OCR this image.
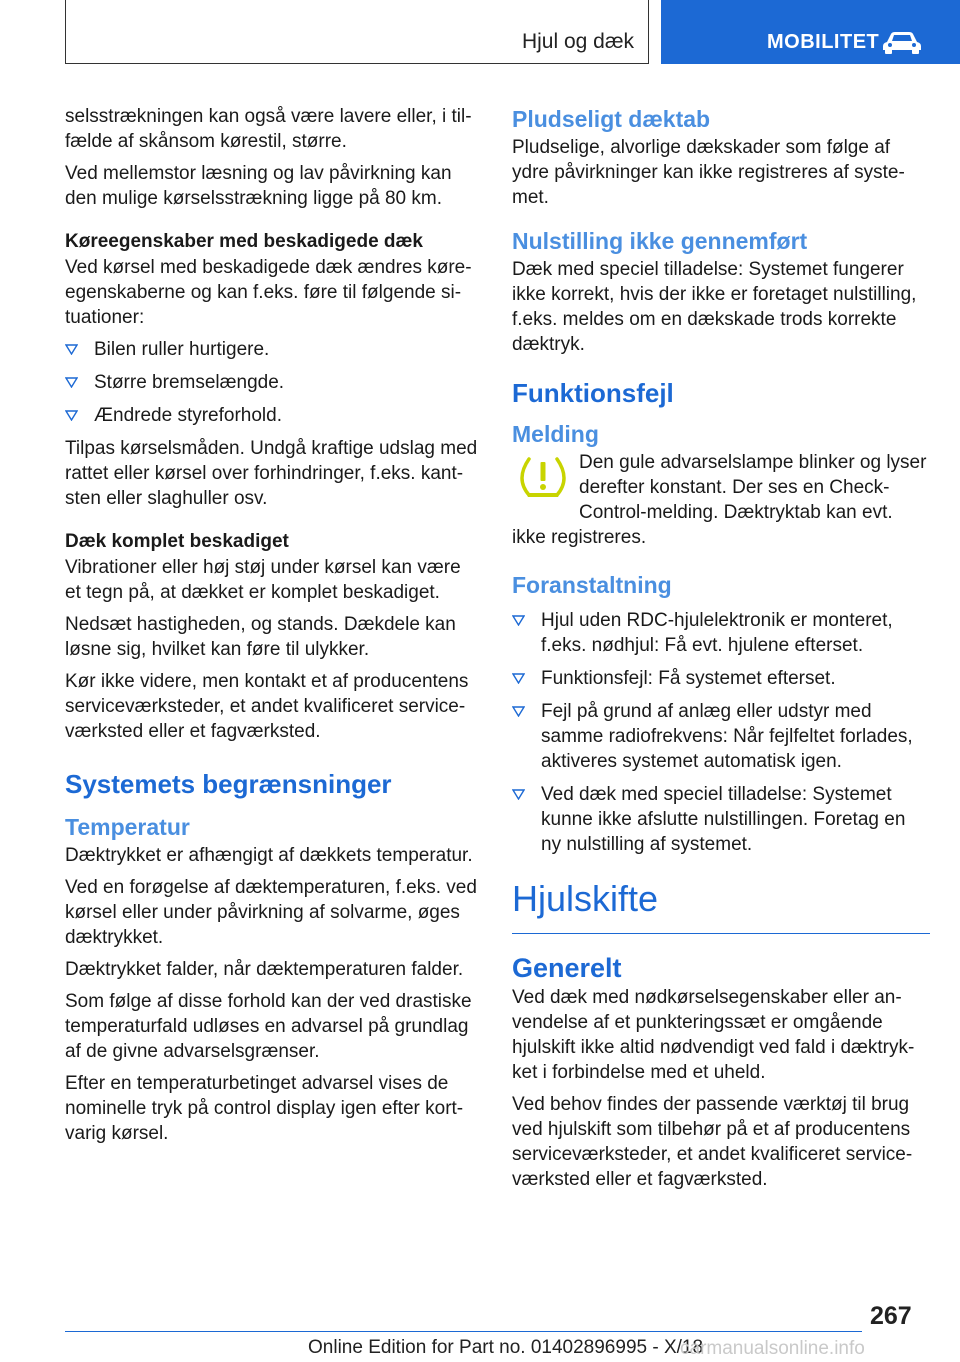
Hjul og dæk	MOBILITET

selsstrækningen kan også være lavere eller, i til-fælde af skånsom kørestil, større.

Ved mellemstor læsning og lav påvirkning kan den mulige kørselsstrækning ligge på 80 km.

Køreegenskaber med beskadigede dæk

Ved kørsel med beskadigede dæk ændres køre-egenskaberne og kan f.eks. føre til følgende si-tuationer:

Bilen ruller hurtigere.
Større bremselængde.
Ændrede styreforhold.

Tilpas kørselsmåden. Undgå kraftige udslag med rattet eller kørsel over forhindringer, f.eks. kant-sten eller slaghuller osv.

Dæk komplet beskadiget

Vibrationer eller høj støj under kørsel kan være et tegn på, at dækket er komplet beskadiget.

Nedsæt hastigheden, og stands. Dækdele kan løsne sig, hvilket kan føre til ulykker.

Kør ikke videre, men kontakt et af producentens serviceværksteder, et andet kvalificeret service-værksted eller et fagværksted.

Systemets begrænsninger
Temperatur

Dæktrykket er afhængigt af dækkets temperatur.

Ved en forøgelse af dæktemperaturen, f.eks. ved kørsel eller under påvirkning af solvarme, øges dæktrykket.

Dæktrykket falder, når dæktemperaturen falder.

Som følge af disse forhold kan der ved drastiske temperaturfald udløses en advarsel på grundlag af de givne advarselsgrænser.

Efter en temperaturbetinget advarsel vises de nominelle tryk på control display igen efter kort-varig kørsel.

Pludseligt dæktab

Pludselige, alvorlige dækskader som følge af ydre påvirkninger kan ikke registreres af syste-met.

Nulstilling ikke gennemført

Dæk med speciel tilladelse: Systemet fungerer ikke korrekt, hvis der ikke er foretaget nulstilling, f.eks. meldes om en dækskade trods korrekte dæktryk.

Funktionsfejl
Melding

Den gule advarselslampe blinker og lyser derefter konstant. Der ses en Check-Control-melding. Dæktryktab kan evt.

ikke registreres.

Foranstaltning
Hjul uden RDC-hjulelektronik er monteret, f.eks. nødhjul: Få evt. hjulene efterset.
Funktionsfejl: Få systemet efterset.
Fejl på grund af anlæg eller udstyr med samme radiofrekvens: Når fejlfeltet forlades, aktiveres systemet automatisk igen.
Ved dæk med speciel tilladelse: Systemet kunne ikke afslutte nulstillingen. Foretag en ny nulstilling af systemet.
Hjulskifte
Generelt

Ved dæk med nødkørselsegenskaber eller an-vendelse af et punkteringssæt er omgående hjulskift ikke altid nødvendigt ved fald i dæktryk-ket i forbindelse med et uheld.

Ved behov findes der passende værktøj til brug ved hjulskift som tilbehør på et af producentens serviceværksteder, et andet kvalificeret service-værksted eller et fagværksted.

267
Online Edition for Part no. 01402896995 - X/18
carmanualsonline.info
